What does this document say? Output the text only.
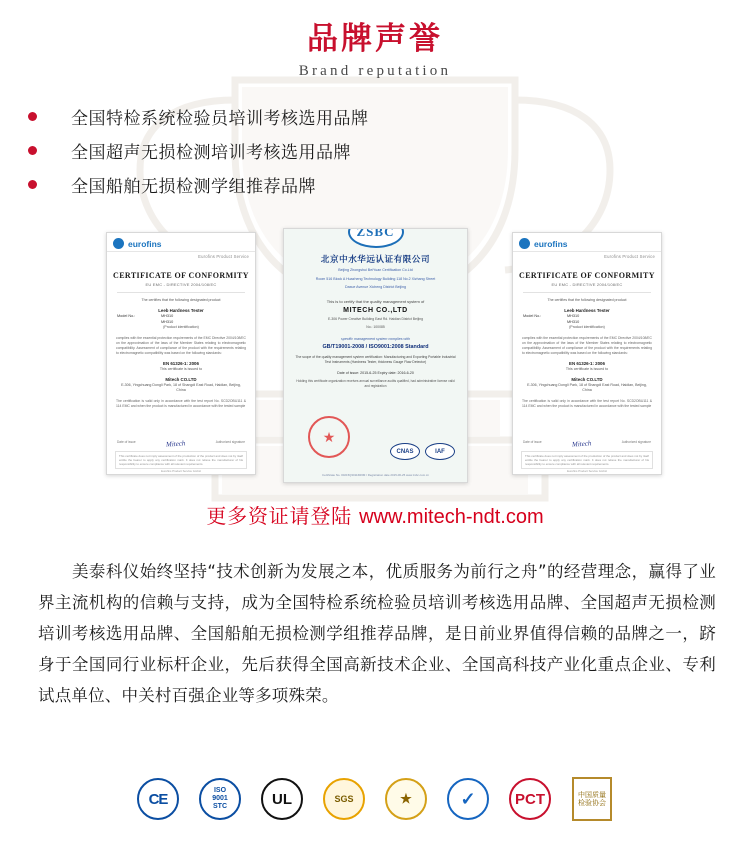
品牌声誉
Brand reputation
全国特检系统检验员培训考核选用品牌
全国超声无损检测培训考核选用品牌
全国船舶无损检测学组推荐品牌
eurofins
Eurofins Product Service
CERTIFICATE OF CONFORMITY
EU EMC - DIRECTIVE 2004/108/EC
The certifies that the following designated product
Leeb Hardness Tester
Model No.:	MH310
MH310
(Product identification)
complies with the essential protection requirements of the EMC Directive 2004/108/EC on the approximation of the laws of the Member States relating to electromagnetic compatibility. Assessment of compliance of the product with the requirements relating to electromagnetic compatibility was based on the following standards:
EN 61326-1: 2006
This certificate is issued to
Mitech CO.LTD
E-306, Yingchuang Dongli Park, 18 of Shangdi East Road, Haidian, Beijing, China
The certification is valid only in accordance with the test report No. SCD2OBU111 & 114 EMC and when the product is manufactured in accordance with the tested sample
Date of issue	Mitech	Authorized signature
This certificate does not imply assessment of the production of the product and does not by itself entitle the bearer to apply any certification mark. It does not relieve the manufacturer of his responsibility to ensure compliance with all relevant requirements.
Eurofins Product Service GmbH
ZSBC
北京中水华远认证有限公司
Beijing Zhongshui BeiYuan Certification Co.Ltd
Room 516 Block A Huazheng Technology Building 118 No.2 Xizhang Street
Daxue Avenue Xicheng District Beijing
This is to certify that the quality management system of
MITECH CO.,LTD
E-306 Power Creative Building East Rd. Haidian District Beijing
No.: 100085
specific management system complies with
GB/T19001-2008 / ISO9001:2008 Standard
The scope of the quality management system certification: Manufacturing and Exporting Portable Industrial Test Instruments (Hardness Tester, thickness Gauge Flaw Detector)
Date of issue: 2015-6-25 Expiry date: 2016-6-20
Holding this certificate organization receives annual surveillance audits qualified, had administrative license valid and registration
★
CNAS	IAF
Certificate No. 00215Q30116R0M / Registration date 2015-06-25 www.zsbc.com.cn
eurofins
Eurofins Product Service
CERTIFICATE OF CONFORMITY
EU EMC - DIRECTIVE 2004/108/EC
The certifies that the following designated product
Leeb Hardness Tester
Model No.:	MH310
MH310
(Product identification)
complies with the essential protection requirements of the EMC Directive 2004/108/EC on the approximation of the laws of the Member States relating to electromagnetic compatibility. Assessment of compliance of the product with the requirements relating to electromagnetic compatibility was based on the following standards:
EN 61326-1: 2006
This certificate is issued to
Mitech CO.LTD
E-306, Yingchuang Dongli Park, 18 of Shangdi East Road, Haidian, Beijing, China
The certification is valid only in accordance with the test report No. SCD2OBU111 & 114 EMC and when the product is manufactured in accordance with the tested sample
Date of issue	Mitech	Authorized signature
This certificate does not imply assessment of the production of the product and does not by itself entitle the bearer to apply any certification mark. It does not relieve the manufacturer of his responsibility to ensure compliance with all relevant requirements.
Eurofins Product Service GmbH
更多资证请登陆 www.mitech-ndt.com
美泰科仪始终坚持“技术创新为发展之本，优质服务为前行之舟”的经营理念，赢得了业界主流机构的信赖与支持，成为全国特检系统检验员培训考核选用品牌、全国超声无损检测培训考核选用品牌、全国船舶无损检测学组推荐品牌，是日前业界值得信赖的品牌之一，跻身于全国同行业标杆企业，先后获得全国高新技术企业、全国高科技产业化重点企业、专利试点单位、中关村百强企业等多项殊荣。
CE	ISO
9001
STC	UL	SGS	★	✓	PCT	中国质量检验协会
